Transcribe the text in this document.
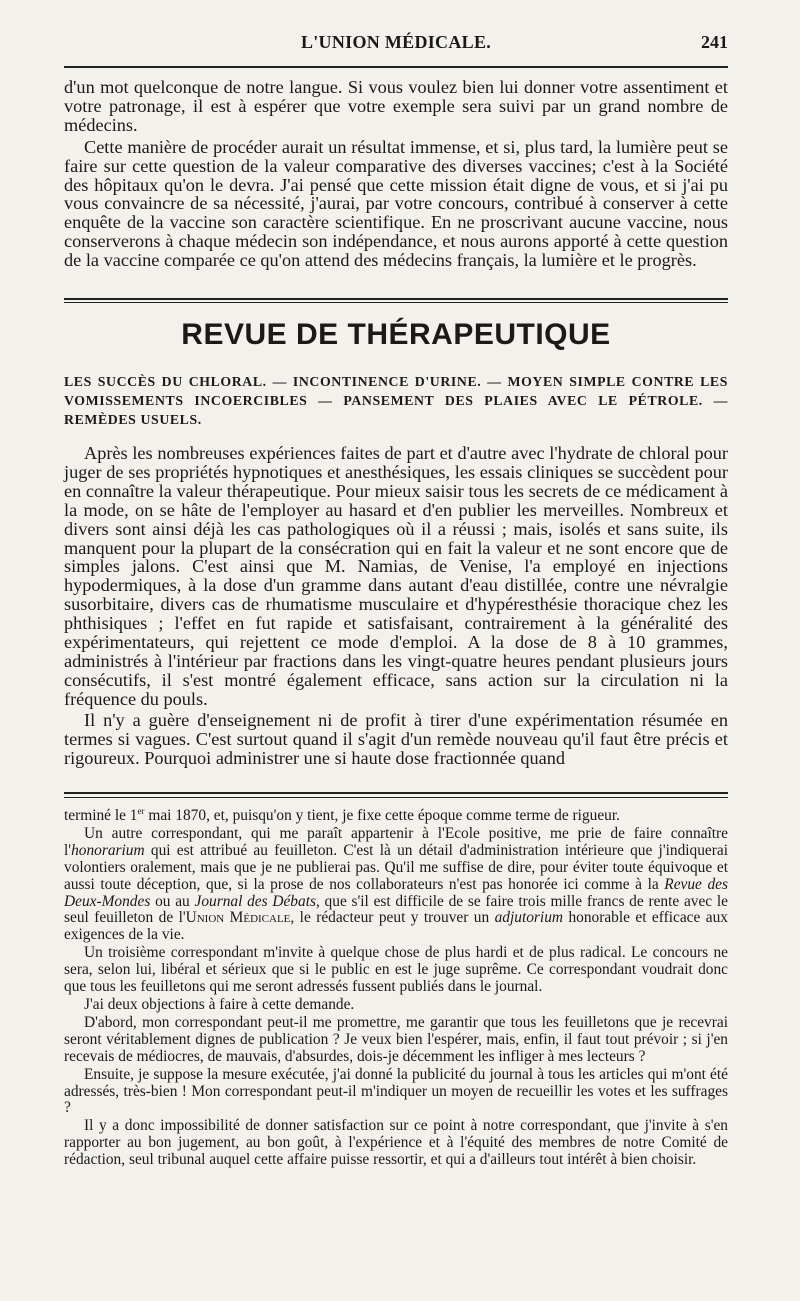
L'UNION MÉDICALE.	241

d'un mot quelconque de notre langue. Si vous voulez bien lui donner votre assentiment et votre patronage, il est à espérer que votre exemple sera suivi par un grand nombre de médecins.

Cette manière de procéder aurait un résultat immense, et si, plus tard, la lumière peut se faire sur cette question de la valeur comparative des diverses vaccines; c'est à la Société des hôpitaux qu'on le devra. J'ai pensé que cette mission était digne de vous, et si j'ai pu vous convaincre de sa nécessité, j'aurai, par votre concours, contribué à conserver à cette enquête de la vaccine son caractère scientifique. En ne proscrivant aucune vaccine, nous conserverons à chaque médecin son indépendance, et nous aurons apporté à cette question de la vaccine comparée ce qu'on attend des médecins français, la lumière et le progrès.

REVUE DE THÉRAPEUTIQUE

LES SUCCÈS DU CHLORAL. — INCONTINENCE D'URINE. — MOYEN SIMPLE CONTRE LES VOMISSEMENTS INCOERCIBLES — PANSEMENT DES PLAIES AVEC LE PÉTROLE. — REMÈDES USUELS.

Après les nombreuses expériences faites de part et d'autre avec l'hydrate de chloral pour juger de ses propriétés hypnotiques et anesthésiques, les essais cliniques se succèdent pour en connaître la valeur thérapeutique. Pour mieux saisir tous les secrets de ce médicament à la mode, on se hâte de l'employer au hasard et d'en publier les merveilles. Nombreux et divers sont ainsi déjà les cas pathologiques où il a réussi ; mais, isolés et sans suite, ils manquent pour la plupart de la consécration qui en fait la valeur et ne sont encore que de simples jalons. C'est ainsi que M. Namias, de Venise, l'a employé en injections hypodermiques, à la dose d'un gramme dans autant d'eau distillée, contre une névralgie susorbitaire, divers cas de rhumatisme musculaire et d'hypéresthésie thoracique chez les phthisiques ; l'effet en fut rapide et satisfaisant, contrairement à la généralité des expérimentateurs, qui rejettent ce mode d'emploi. A la dose de 8 à 10 grammes, administrés à l'intérieur par fractions dans les vingt-quatre heures pendant plusieurs jours consécutifs, il s'est montré également efficace, sans action sur la circulation ni la fréquence du pouls.

Il n'y a guère d'enseignement ni de profit à tirer d'une expérimentation résumée en termes si vagues. C'est surtout quand il s'agit d'un remède nouveau qu'il faut être précis et rigoureux. Pourquoi administrer une si haute dose fractionnée quand

terminé le 1er mai 1870, et, puisqu'on y tient, je fixe cette époque comme terme de rigueur.

Un autre correspondant, qui me paraît appartenir à l'Ecole positive, me prie de faire connaître l'honorarium qui est attribué au feuilleton. C'est là un détail d'administration intérieure que j'indiquerai volontiers oralement, mais que je ne publierai pas. Qu'il me suffise de dire, pour éviter toute équivoque et aussi toute déception, que, si la prose de nos collaborateurs n'est pas honorée ici comme à la Revue des Deux-Mondes ou au Journal des Débats, que s'il est difficile de se faire trois mille francs de rente avec le seul feuilleton de l'Union Médicale, le rédacteur peut y trouver un adjutorium honorable et efficace aux exigences de la vie.

Un troisième correspondant m'invite à quelque chose de plus hardi et de plus radical. Le concours ne sera, selon lui, libéral et sérieux que si le public en est le juge suprême. Ce correspondant voudrait donc que tous les feuilletons qui me seront adressés fussent publiés dans le journal.

J'ai deux objections à faire à cette demande.

D'abord, mon correspondant peut-il me promettre, me garantir que tous les feuilletons que je recevrai seront véritablement dignes de publication ? Je veux bien l'espérer, mais, enfin, il faut tout prévoir ; si j'en recevais de médiocres, de mauvais, d'absurdes, dois-je décemment les infliger à mes lecteurs ?

Ensuite, je suppose la mesure exécutée, j'ai donné la publicité du journal à tous les articles qui m'ont été adressés, très-bien ! Mon correspondant peut-il m'indiquer un moyen de recueillir les votes et les suffrages ?

Il y a donc impossibilité de donner satisfaction sur ce point à notre correspondant, que j'invite à s'en rapporter au bon jugement, au bon goût, à l'expérience et à l'équité des membres de notre Comité de rédaction, seul tribunal auquel cette affaire puisse ressortir, et qui a d'ailleurs tout intérêt à bien choisir.
